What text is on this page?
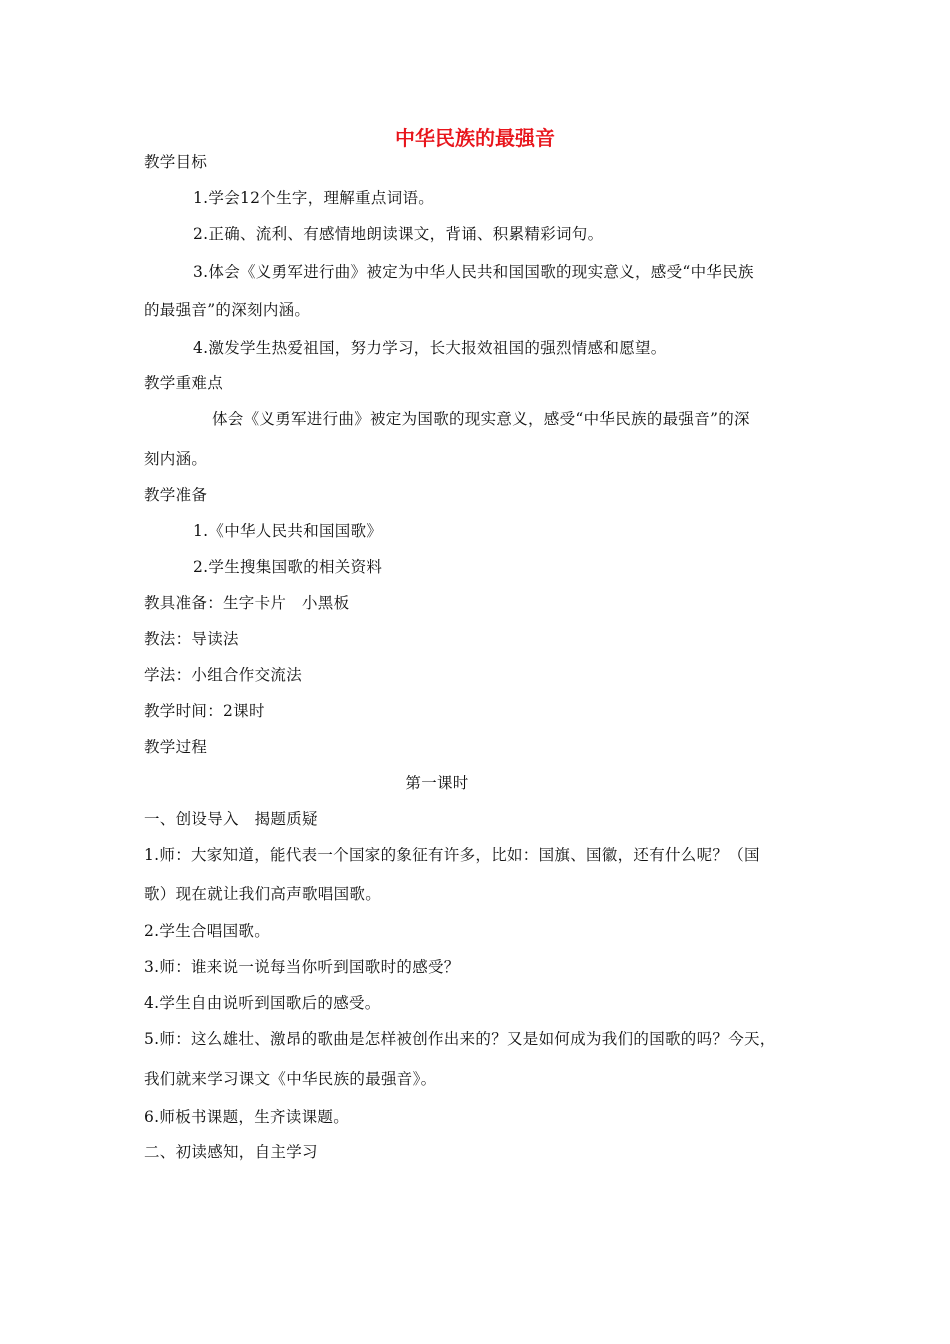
中华民族的最强音
教学目标
1.学会12个生字，理解重点词语。
2.正确、流利、有感情地朗读课文，背诵、积累精彩词句。
3.体会《义勇军进行曲》被定为中华人民共和国国歌的现实意义，感受“中华民族
的最强音”的深刻内涵。
4.激发学生热爱祖国，努力学习，长大报效祖国的强烈情感和愿望。
教学重难点
体会《义勇军进行曲》被定为国歌的现实意义，感受“中华民族的最强音”的深
刻内涵。
教学准备
1.《中华人民共和国国歌》
2.学生搜集国歌的相关资料
教具准备：生字卡片　小黑板
教法：导读法
学法：小组合作交流法
教学时间：2课时
教学过程
第一课时
一、创设导入　揭题质疑
1.师：大家知道，能代表一个国家的象征有许多，比如：国旗、国徽，还有什么呢？（国
歌）现在就让我们高声歌唱国歌。
2.学生合唱国歌。
3.师：谁来说一说每当你听到国歌时的感受？
4.学生自由说听到国歌后的感受。
5.师：这么雄壮、激昂的歌曲是怎样被创作出来的？又是如何成为我们的国歌的吗？今天，
我们就来学习课文《中华民族的最强音》。
6.师板书课题，生齐读课题。
二、初读感知，自主学习
